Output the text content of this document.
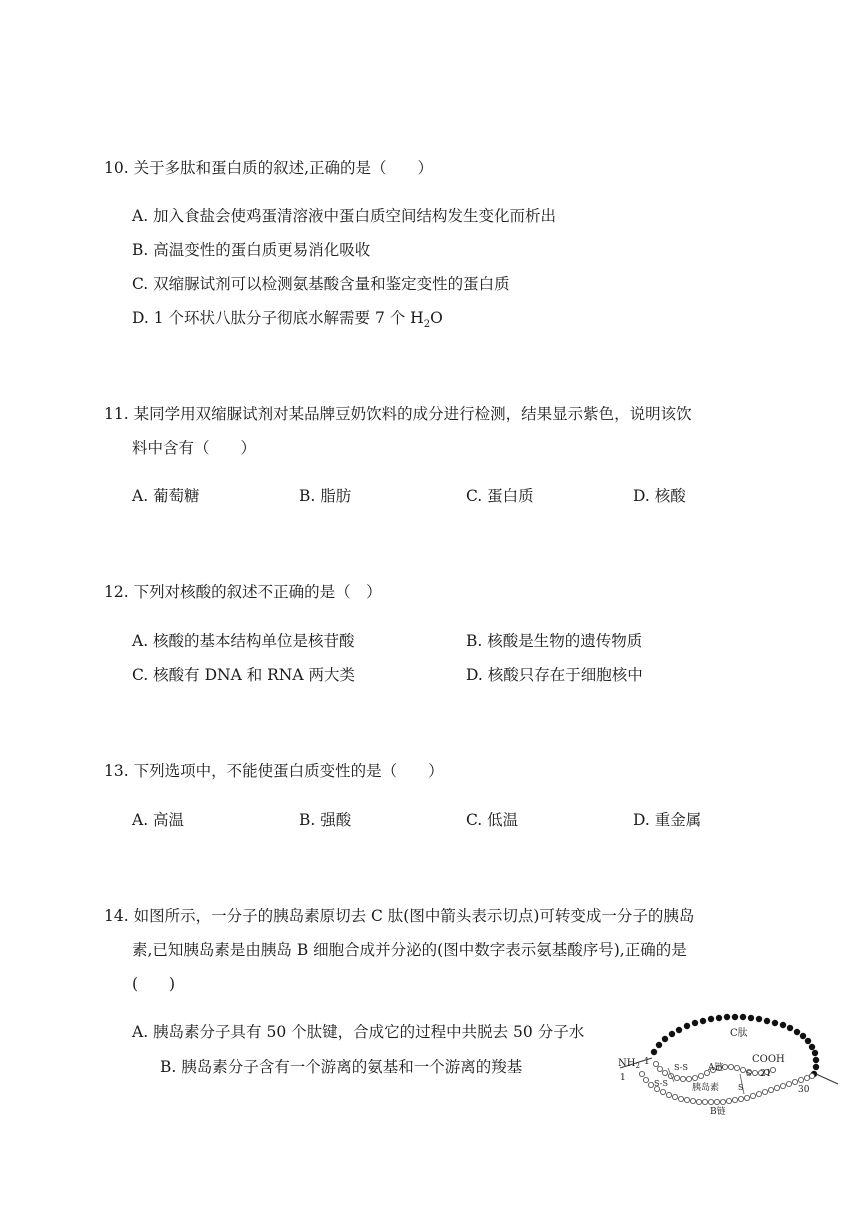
10. 关于多肽和蛋白质的叙述,正确的是（　　）
A. 加入食盐会使鸡蛋清溶液中蛋白质空间结构发生变化而析出
B. 高温变性的蛋白质更易消化吸收
C. 双缩脲试剂可以检测氨基酸含量和鉴定变性的蛋白质
D. 1 个环状八肽分子彻底水解需要 7 个 $H_2O$
11. 某同学用双缩脲试剂对某品牌豆奶饮料的成分进行检测，结果显示紫色，说明该饮
料中含有（　　）
A. 葡萄糖	B. 脂肪	C. 蛋白质	D. 核酸
12. 下列对核酸的叙述不正确的是（　）
A. 核酸的基本结构单位是核苷酸	B. 核酸是生物的遗传物质
C. 核酸有 DNA 和 RNA 两大类	D. 核酸只存在于细胞核中
13. 下列选项中，不能使蛋白质变性的是（　　）
A. 高温	B. 强酸	C. 低温	D. 重金属
14. 如图所示，一分子的胰岛素原切去 C 肽(图中箭头表示切点)可转变成一分子的胰岛
素,已知胰岛素是由胰岛 B 细胞合成并分泌的(图中数字表示氨基酸序号),正确的是
(　　)
A. 胰岛素分子具有 50 个肽键，合成它的过程中共脱去 50 分子水
B. 胰岛素分子含有一个游离的氨基和一个游离的羧基
C肽
$NH_2$ 1
1
S-S A链
COOH
21
S
胰岛素 S
S-S
30
B链
